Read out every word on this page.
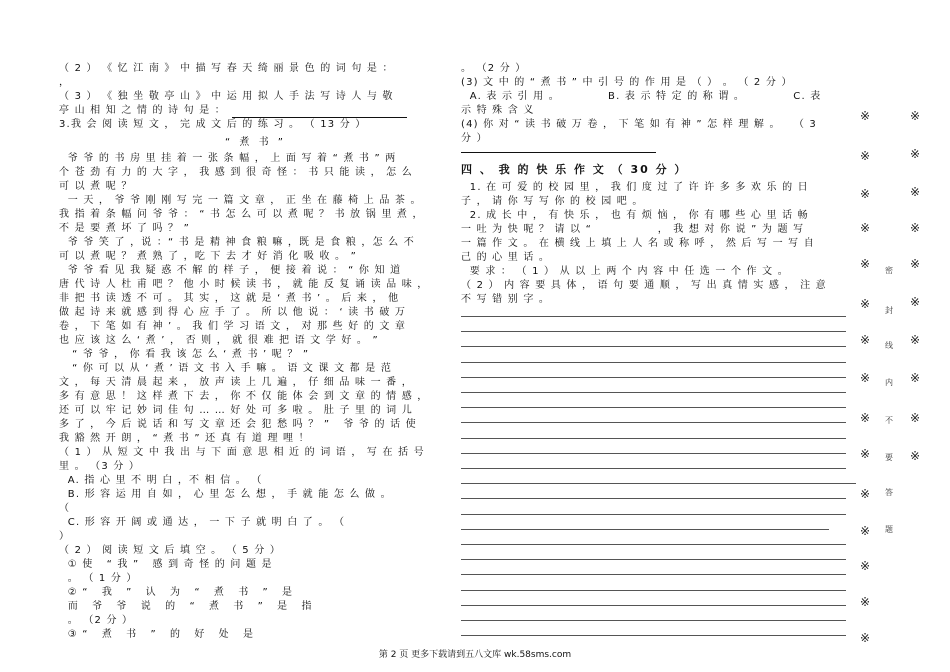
（ 2 ） 《 忆 江 南 》 中 描 写 春 天 绮 丽 景 色 的 词 句 是 ：
，
（ 3 ） 《 独 坐 敬 亭 山 》 中 运 用 拟 人 手 法 写 诗 人 与 敬
亭 山 相 知 之 情 的 诗 句 是 ：
3.我 会 阅 读 短 文 ， 完 成 文 后 的 练 习 。 （ 13 分 ）
“ 煮 书 ”
爷 爷 的 书 房 里 挂 着 一 张 条 幅 ， 上 面 写 着 “ 煮 书 ” 两
个 苍 劲 有 力 的 大 字 ， 我 感 到 很 奇 怪 ： 书 只 能 读 ， 怎 么
可 以 煮 呢 ？
一 天 ， 爷 爷 刚 刚 写 完 一 篇 文 章 ， 正 坐 在 藤 椅 上 品 茶 。
我 指 着 条 幅 问 爷 爷 ： “ 书 怎 么 可 以 煮 呢 ？ 书 放 锅 里 煮 ，
不 是 要 煮 坏 了 吗 ？ ”
爷 爷 笑 了 ，说 ：“ 书 是 精 神 食 粮 嘛 ，既 是 食 粮 ，怎 么 不
可 以 煮 呢 ？ 煮 熟 了 ，吃 下 去 才 好 消 化 吸 收 。 ”
爷 爷 看 见 我 疑 惑 不 解 的 样 子 ， 便 接 着 说 ： “ 你 知 道
唐 代 诗 人 杜 甫 吧 ？ 他 小 时 候 读 书 ， 就 能 反 复 诵 读 品 味 ，
非 把 书 读 透 不 可 。 其 实 ， 这 就 是 ‘ 煮 书 ’ 。 后 来 ， 他
做 起 诗 来 就 感 到 得 心 应 手 了 。 所 以 他 说 ： ‘ 读 书 破 万
卷 ， 下 笔 如 有 神 ’ 。 我 们 学 习 语 文 ， 对 那 些 好 的 文 章
也 应 该 这 么 ‘ 煮 ’ ， 否 则 ， 就 很 难 把 语 文 学 好 。 ”
“ 爷 爷 ， 你 看 我 该 怎 么 ‘ 煮 书 ’ 呢 ？ ”
“ 你 可 以 从 ‘ 煮 ’ 语 文 书 入 手 嘛 。 语 文 课 文 都 是 范
文 ， 每 天 清 晨 起 来 ， 放 声 读 上 几 遍 ， 仔 细 品 味 一 番 ，
多 有 意 思 ！ 这 样 煮 下 去 ， 你 不 仅 能 体 会 到 文 章 的 情 感 ，
还 可 以 牢 记 妙 词 佳 句 … … 好 处 可 多 啦 。 肚 子 里 的 词 儿
多 了 ， 今 后 说 话 和 写 文 章 还 会 犯 愁 吗 ？ ”   爷 爷 的 话 使
我 豁 然 开 朗 ， “ 煮 书 ” 还 真 有 道 理 哩 ！
（ 1 ） 从 短 文 中 我 出 与 下 面 意 思 相 近 的 词 语 ， 写 在 括 号
里 。 （3 分 ）
A. 指 心 里 不 明 白 ，不 相 信 。 （
B. 形 容 运 用 自 如 ， 心 里 怎 么 想 ， 手 就 能 怎 么 做 。
（
C. 形 容 开 阔 或 通 达 ， 一 下 子 就 明 白 了 。 （
）
（ 2 ） 阅 读 短 文 后 填 空 。 （ 5 分 ）
① 使   “ 我 ”   感 到 奇 怪 的 问 题 是
。 （ 1 分 ）
② “   我   ”   认   为   “   煮   书   ”   是
而   爷   爷   说   的   “   煮   书   ”   是   指
。 （2 分 ）
③ “   煮   书   ”   的   好   处   是
。 （2 分 ）
(3) 文 中 的 “ 煮 书 ” 中 引 号 的 作 用 是 （ ） 。 （ 2 分 ）
A. 表 示 引 用 。           B. 表 示 特 定 的 称 谓 。           C. 表
示 特 殊 含 义
(4) 你 对 “ 读 书 破 万 卷 ， 下 笔 如 有 神 ” 怎 样 理 解 。   （ 3
分 ）
四 、 我 的 快 乐 作 文 （ 30 分 ）
1. 在 可 爱 的 校 园 里 ， 我 们 度 过 了 许 许 多 多 欢 乐 的 日
子 ， 请 你 写 写 你 的 校 园 吧 。
2. 成 长 中 ， 有 快 乐 ， 也 有 烦 恼 ， 你 有 哪 些 心 里 话 畅
一 吐 为 快 呢 ？ 请 以 “               ， 我 想 对 你 说 ” 为 题 写
一 篇 作 文 。 在 横 线 上 填 上 人 名 或 称 呼 ， 然 后 写 一 写 自
己 的 心 里 话 。
要 求 ： （ 1 ） 从 以 上 两 个 内 容 中 任 选 一 个 作 文 。
（ 2 ） 内 容 要 具 体 ， 语 句 要 通 顺 ， 写 出 真 情 实 感 ， 注 意
不 写 错 别 字 。
※
※
※
※
※
※
※
※
※
※
※
※
※
※
※
※
※
※
※
※
※
※
※
※
※
密
封
线
内
不
要
答
题
第 2 页 更多下载请到五八文库 wk.58sms.com
